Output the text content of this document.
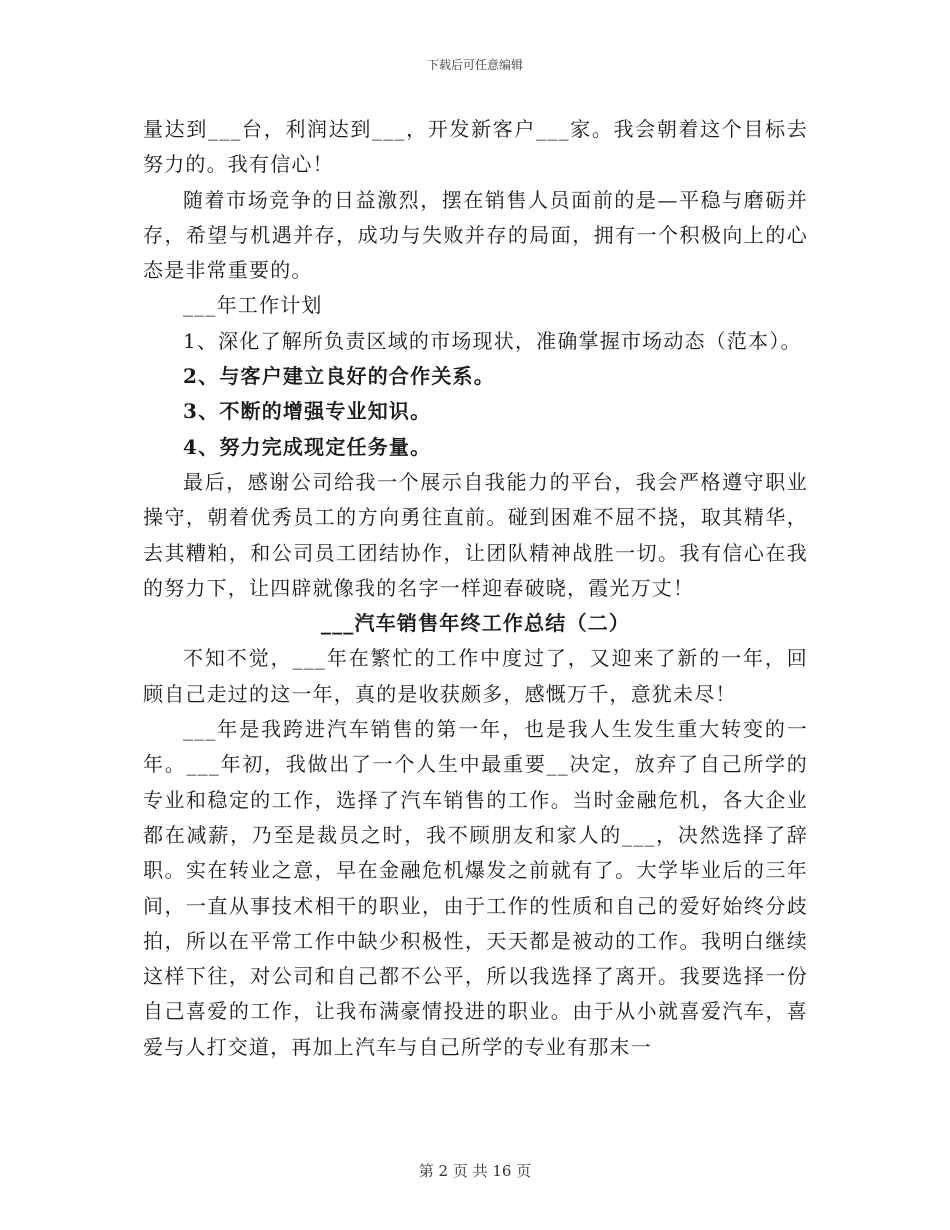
下载后可任意编辑

量达到___台，利润达到___，开发新客户___家。我会朝着这个目标去努力的。我有信心！

随着市场竞争的日益激烈，摆在销售人员面前的是—平稳与磨砺并存，希望与机遇并存，成功与失败并存的局面，拥有一个积极向上的心态是非常重要的。

___年工作计划

1、深化了解所负责区域的市场现状，准确掌握市场动态（范本）。

2、与客户建立良好的合作关系。

3、不断的增强专业知识。

4、努力完成现定任务量。

最后，感谢公司给我一个展示自我能力的平台，我会严格遵守职业操守，朝着优秀员工的方向勇往直前。碰到困难不屈不挠，取其精华，去其糟粕，和公司员工团结协作，让团队精神战胜一切。我有信心在我的努力下，让四辟就像我的名字一样迎春破晓，霞光万丈！

___汽车销售年终工作总结（二）

不知不觉，___年在繁忙的工作中度过了，又迎来了新的一年，回顾自己走过的这一年，真的是收获颇多，感慨万千，意犹未尽！

___年是我跨进汽车销售的第一年，也是我人生发生重大转变的一年。___年初，我做出了一个人生中最重要__决定，放弃了自己所学的专业和稳定的工作，选择了汽车销售的工作。当时金融危机，各大企业都在减薪，乃至是裁员之时，我不顾朋友和家人的___，决然选择了辞职。实在转业之意，早在金融危机爆发之前就有了。大学毕业后的三年间，一直从事技术相干的职业，由于工作的性质和自己的爱好始终分歧拍，所以在平常工作中缺少积极性，天天都是被动的工作。我明白继续这样下往，对公司和自己都不公平，所以我选择了离开。我要选择一份自己喜爱的工作，让我布满豪情投进的职业。由于从小就喜爱汽车，喜爱与人打交道，再加上汽车与自己所学的专业有那末一

第 2 页 共 16 页
